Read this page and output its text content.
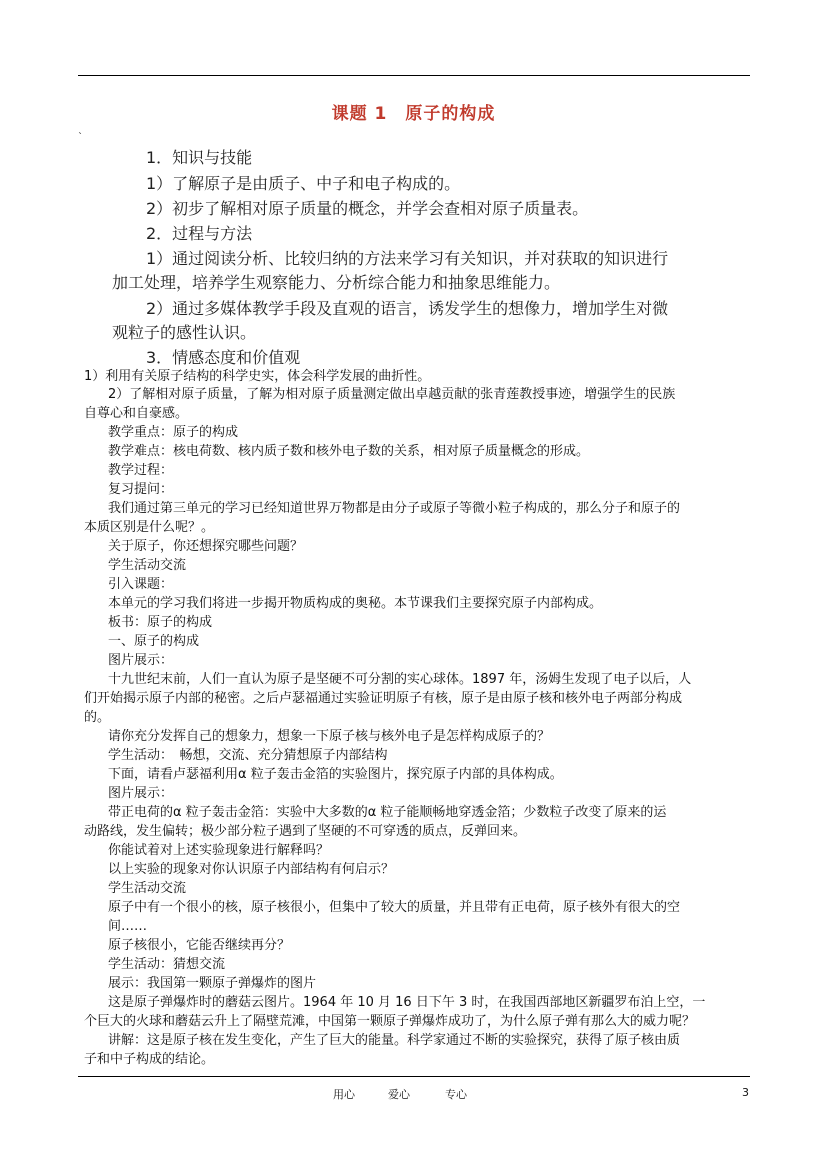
课题 1　原子的构成
`
1．知识与技能
1）了解原子是由质子、中子和电子构成的。
2）初步了解相对原子质量的概念，并学会查相对原子质量表。
2．过程与方法
1）通过阅读分析、比较归纳的方法来学习有关知识，并对获取的知识进行
加工处理，培养学生观察能力、分析综合能力和抽象思维能力。
2）通过多媒体教学手段及直观的语言，诱发学生的想像力，增加学生对微
观粒子的感性认识。
3．情感态度和价值观
1）利用有关原子结构的科学史实，体会科学发展的曲折性。
2）了解相对原子质量，了解为相对原子质量测定做出卓越贡献的张青莲教授事迹，增强学生的民族
自尊心和自豪感。
教学重点：原子的构成
教学难点：核电荷数、核内质子数和核外电子数的关系，相对原子质量概念的形成。
教学过程：
复习提问：
我们通过第三单元的学习已经知道世界万物都是由分子或原子等微小粒子构成的，那么分子和原子的
本质区别是什么呢？。
关于原子，你还想探究哪些问题？
学生活动交流
引入课题：
本单元的学习我们将进一步揭开物质构成的奥秘。本节课我们主要探究原子内部构成。
板书：原子的构成
一、原子的构成
图片展示：
十九世纪末前，人们一直认为原子是坚硬不可分割的实心球体。1897 年，汤姆生发现了电子以后，人
们开始揭示原子内部的秘密。之后卢瑟福通过实验证明原子有核，原子是由原子核和核外电子两部分构成
的。
请你充分发挥自己的想象力，想象一下原子核与核外电子是怎样构成原子的？
学生活动：　畅想，交流、充分猜想原子内部结构
下面，请看卢瑟福利用α 粒子轰击金箔的实验图片，探究原子内部的具体构成。
图片展示：
带正电荷的α 粒子轰击金箔：实验中大多数的α 粒子能顺畅地穿透金箔；少数粒子改变了原来的运
动路线，发生偏转；极少部分粒子遇到了坚硬的不可穿透的质点，反弹回来。
你能试着对上述实验现象进行解释吗？
以上实验的现象对你认识原子内部结构有何启示？
学生活动交流
原子中有一个很小的核，原子核很小，但集中了较大的质量，并且带有正电荷，原子核外有很大的空
间……
原子核很小，它能否继续再分？
学生活动：猜想交流
展示：我国第一颗原子弹爆炸的图片
这是原子弹爆炸时的蘑菇云图片。1964 年 10 月 16 日下午 3 时，在我国西部地区新疆罗布泊上空，一
个巨大的火球和蘑菇云升上了隔壁荒滩，中国第一颗原子弹爆炸成功了，为什么原子弹有那么大的威力呢？
讲解：这是原子核在发生变化，产生了巨大的能量。科学家通过不断的实验探究，获得了原子核由质
子和中子构成的结论。
用心	爱心	专心	3
